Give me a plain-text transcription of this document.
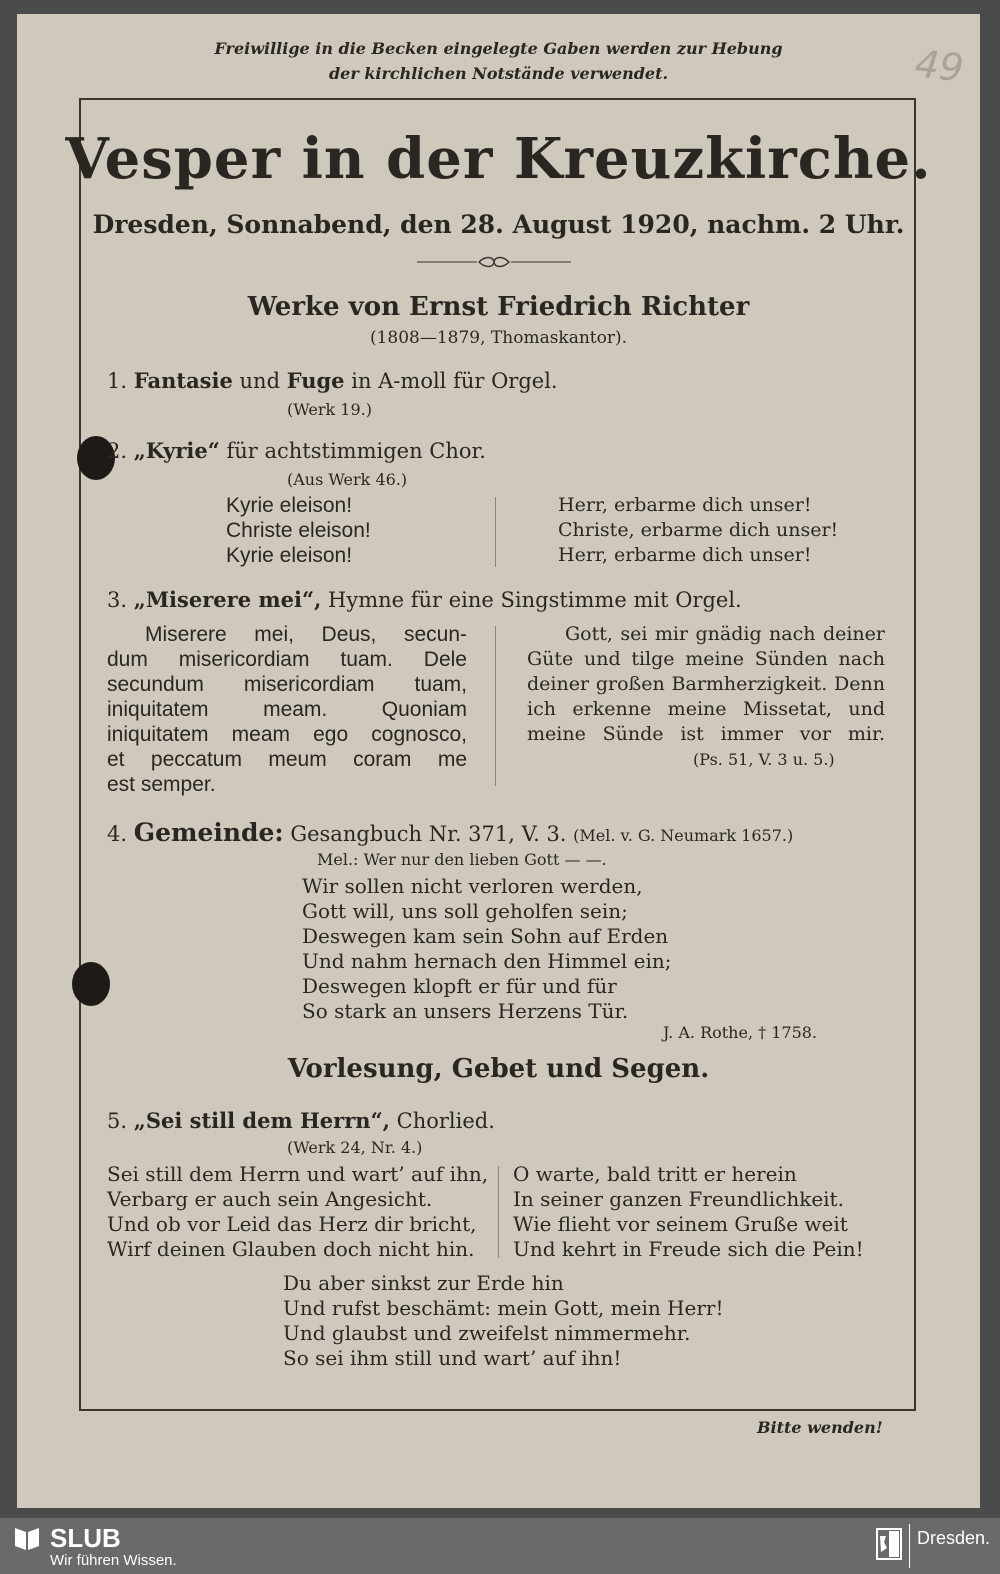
Freiwillige in die Becken eingelegte Gaben werden zur Hebung
der kirchlichen Notstände verwendet.	49
Vesper in der Kreuzkirche.
Dresden, Sonnabend, den 28. August 1920, nachm. 2 Uhr.
Werke von Ernst Friedrich Richter
(1808—1879, Thomaskantor).
1. Fantasie und Fuge in A-moll für Orgel.
(Werk 19.)
2. „Kyrie“ für achtstimmigen Chor.
(Aus Werk 46.)
Kyrie eleison!
Christe eleison!
Kyrie eleison!
Herr, erbarme dich unser!
Christe, erbarme dich unser!
Herr, erbarme dich unser!
3. „Miserere mei“, Hymne für eine Singstimme mit Orgel.
Miserere mei, Deus, secun-
dum misericordiam tuam. Dele
secundum misericordiam tuam,
iniquitatem meam. Quoniam
iniquitatem meam ego cognosco,
et peccatum meum coram me
est semper.
Gott, sei mir gnädig nach deiner
Güte und tilge meine Sünden nach
deiner großen Barmherzigkeit. Denn
ich erkenne meine Missetat, und
meine Sünde ist immer vor mir.
(Ps. 51, V. 3 u. 5.)
4. Gemeinde: Gesangbuch Nr. 371, V. 3. (Mel. v. G. Neumark 1657.)
Mel.: Wer nur den lieben Gott — —.
Wir sollen nicht verloren werden,
Gott will, uns soll geholfen sein;
Deswegen kam sein Sohn auf Erden
Und nahm hernach den Himmel ein;
Deswegen klopft er für und für
So stark an unsers Herzens Tür.
J. A. Rothe, † 1758.
Vorlesung, Gebet und Segen.
5. „Sei still dem Herrn“, Chorlied.
(Werk 24, Nr. 4.)
Sei still dem Herrn und wart’ auf ihn,
Verbarg er auch sein Angesicht.
Und ob vor Leid das Herz dir bricht,
Wirf deinen Glauben doch nicht hin.
O warte, bald tritt er herein
In seiner ganzen Freundlichkeit.
Wie flieht vor seinem Gruße weit
Und kehrt in Freude sich die Pein!
Du aber sinkst zur Erde hin
Und rufst beschämt: mein Gott, mein Herr!
Und glaubst und zweifelst nimmermehr.
So sei ihm still und wart’ auf ihn!
Bitte wenden!
SLUB
Wir führen Wissen.
Dresden.
